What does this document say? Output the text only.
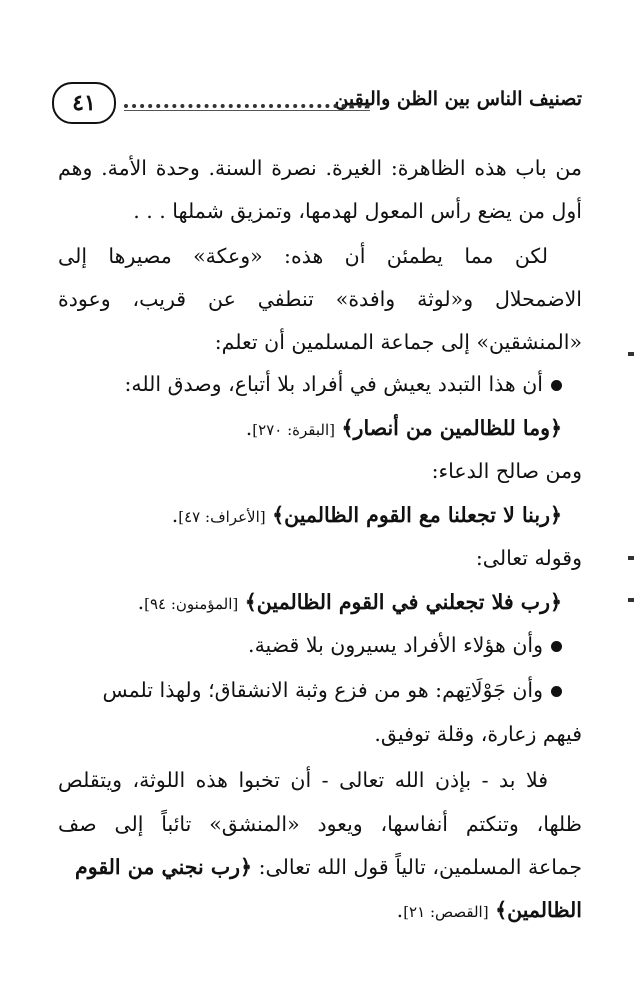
تصنيف الناس بين الظن واليقين
٤١
من باب هذه الظاهرة: الغيرة. نصرة السنة. وحدة الأمة. وهم
أول من يضع رأس المعول لهدمها، وتمزيق شملها . . .
لكن مما يطمئن أن هذه: «وعكة» مصيرها إلى
الاضمحلال و«لوثة وافدة» تنطفي عن قريب، وعودة
«المنشقين» إلى جماعة المسلمين أن تعلم:
أن هذا التبدد يعيش في أفراد بلا أتباع، وصدق الله:
﴿وما للظالمين من أنصار﴾ [البقرة: ٢٧٠].
ومن صالح الدعاء:
﴿ربنا لا تجعلنا مع القوم الظالمين﴾ [الأعراف: ٤٧].
وقوله تعالى:
﴿رب فلا تجعلني في القوم الظالمين﴾ [المؤمنون: ٩٤].
وأن هؤلاء الأفراد يسيرون بلا قضية.
وأن جَوْلَاتِهم: هو من فزع وثبة الانشقاق؛ ولهذا تلمس
فيهم زعارة، وقلة توفيق.
فلا بد - بإذن الله تعالى - أن تخبوا هذه اللوثة، ويتقلص
ظلها، وتنكتم أنفاسها، ويعود «المنشق» تائباً إلى صف
جماعة المسلمين، تالياً قول الله تعالى: ﴿رب نجني من القوم
الظالمين﴾ [القصص: ٢١].
